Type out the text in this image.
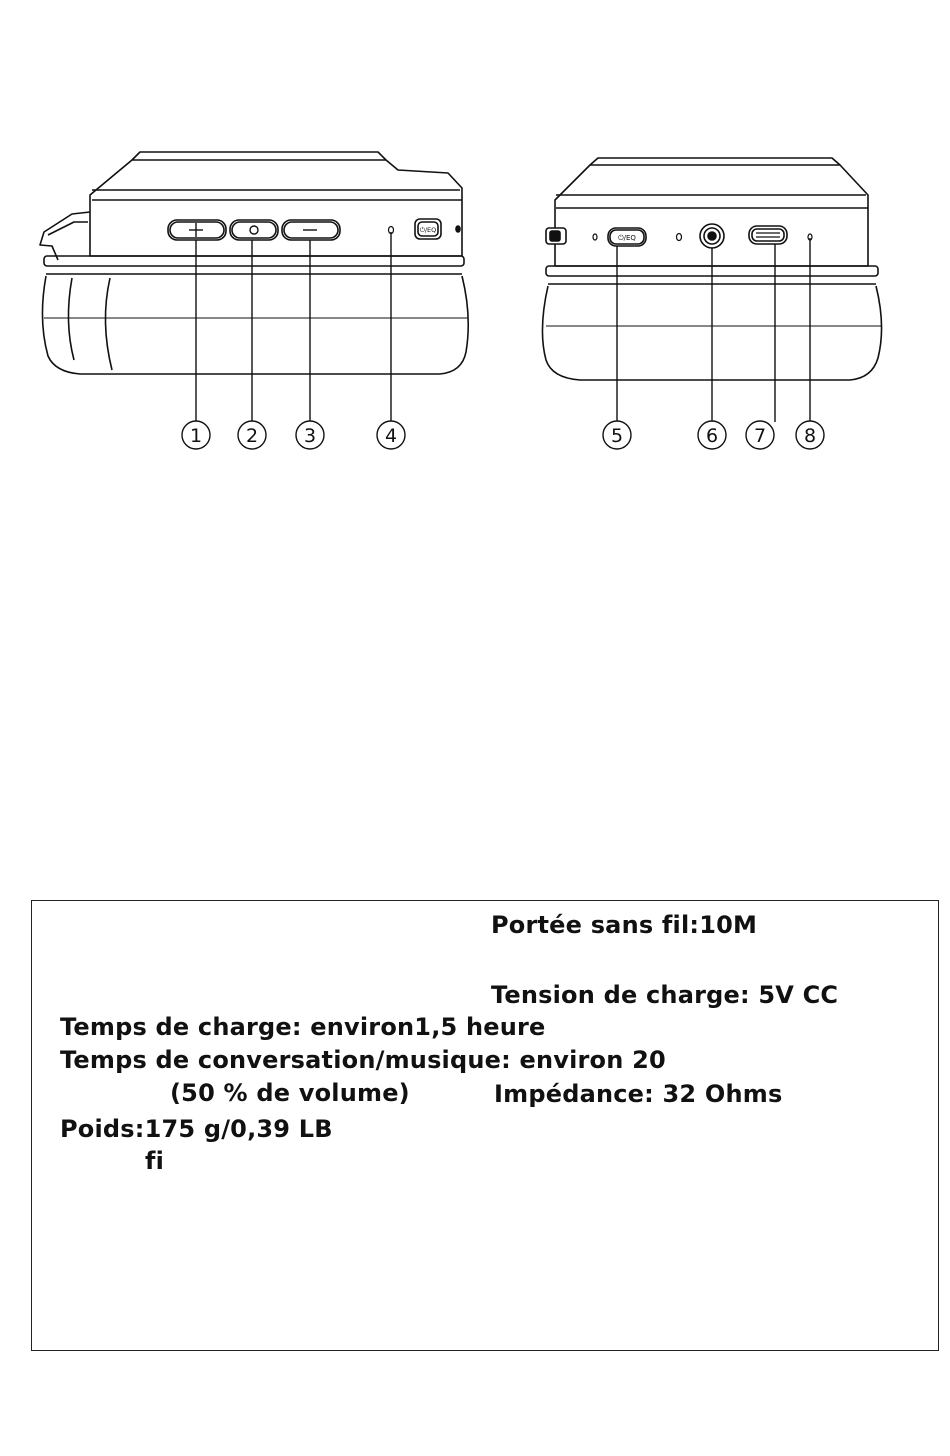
⏻/EQ
⏻/EQ
1 2 3	4	5	6 7 8
Portée sans fil:10M
Tension de charge: 5V CC
Temps de charge: environ1,5 heure
Temps de conversation/musique: environ 20
(50 % de volume)	Impédance: 32 Ohms
Poids:175 g/0,39 LB
fi
